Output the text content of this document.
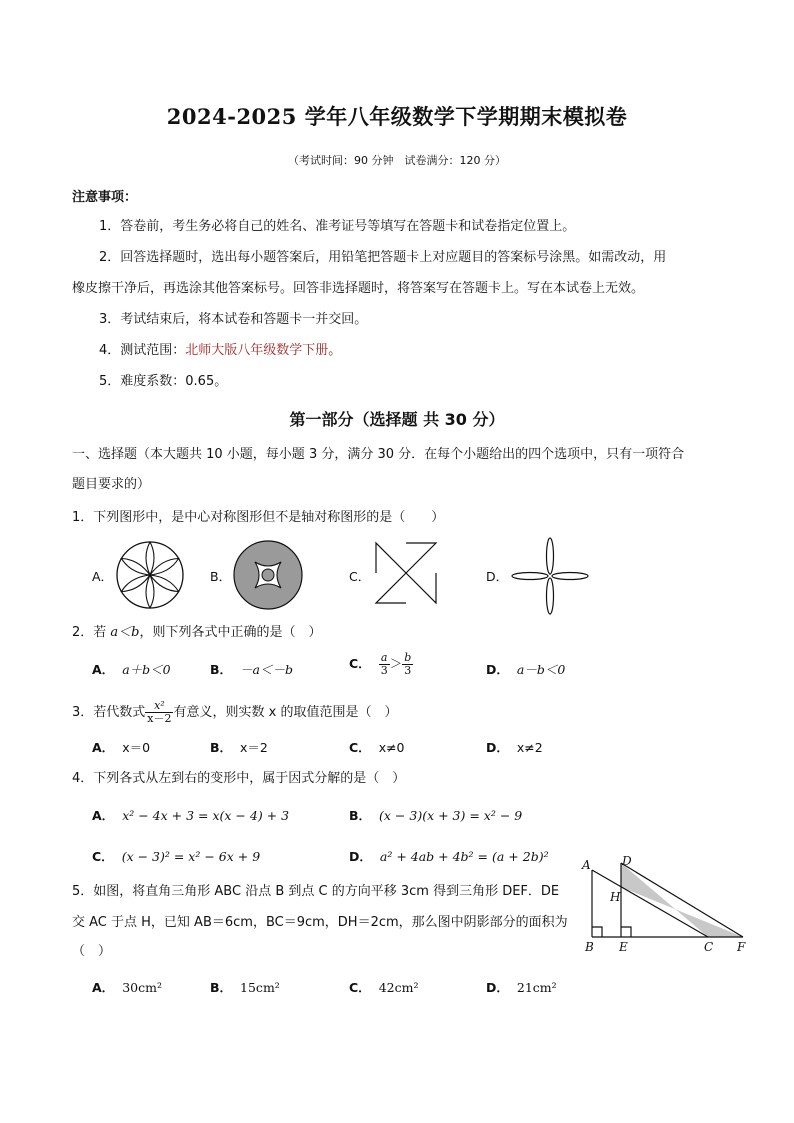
2024-2025 学年八年级数学下学期期末模拟卷
（考试时间：90 分钟　试卷满分：120 分）
注意事项：
1．答卷前，考生务必将自己的姓名、准考证号等填写在答题卡和试卷指定位置上。
2．回答选择题时，选出每小题答案后，用铅笔把答题卡上对应题目的答案标号涂黑。如需改动，用
橡皮擦干净后，再选涂其他答案标号。回答非选择题时，将答案写在答题卡上。写在本试卷上无效。
3．考试结束后，将本试卷和答题卡一并交回。
4．测试范围：北师大版八年级数学下册。
5．难度系数：0.65。
第一部分（选择题 共 30 分）
一、选择题（本大题共 10 小题，每小题 3 分，满分 30 分．在每个小题给出的四个选项中，只有一项符合
题目要求的）
1．下列图形中，是中心对称图形但不是轴对称图形的是（　　）
A．	B．	C．	D．
2．若 a＜b，则下列各式中正确的是（　）
A． a＋b＜0	B． －a＜－b	C． $\frac{a}{3} > \frac{b}{3}$	D． a－b＜0
3．若代数式 $\frac{\text{x²}}{x-2}$ 有意义，则实数 x 的取值范围是（　）
A． x＝0	B． x＝2	C． x≠0	D． x≠2
4．下列各式从左到右的变形中，属于因式分解的是（　）
A． x² − 4x + 3 = x(x − 4) + 3	B． (x − 3)(x + 3) = x² − 9
C． (x − 3)² = x² − 6x + 9	D． a² + 4ab + 4b² = (a + 2b)²
5．如图，将直角三角形 ABC 沿点 B 到点 C 的方向平移 3cm 得到三角形 DEF．DE
交 AC 于点 H，已知 AB＝6cm，BC＝9cm，DH＝2cm，那么图中阴影部分的面积为
（　）
A	D
H
B E	C F
A． 30cm²	B． 15cm²	C． 42cm²	D． 21cm²
